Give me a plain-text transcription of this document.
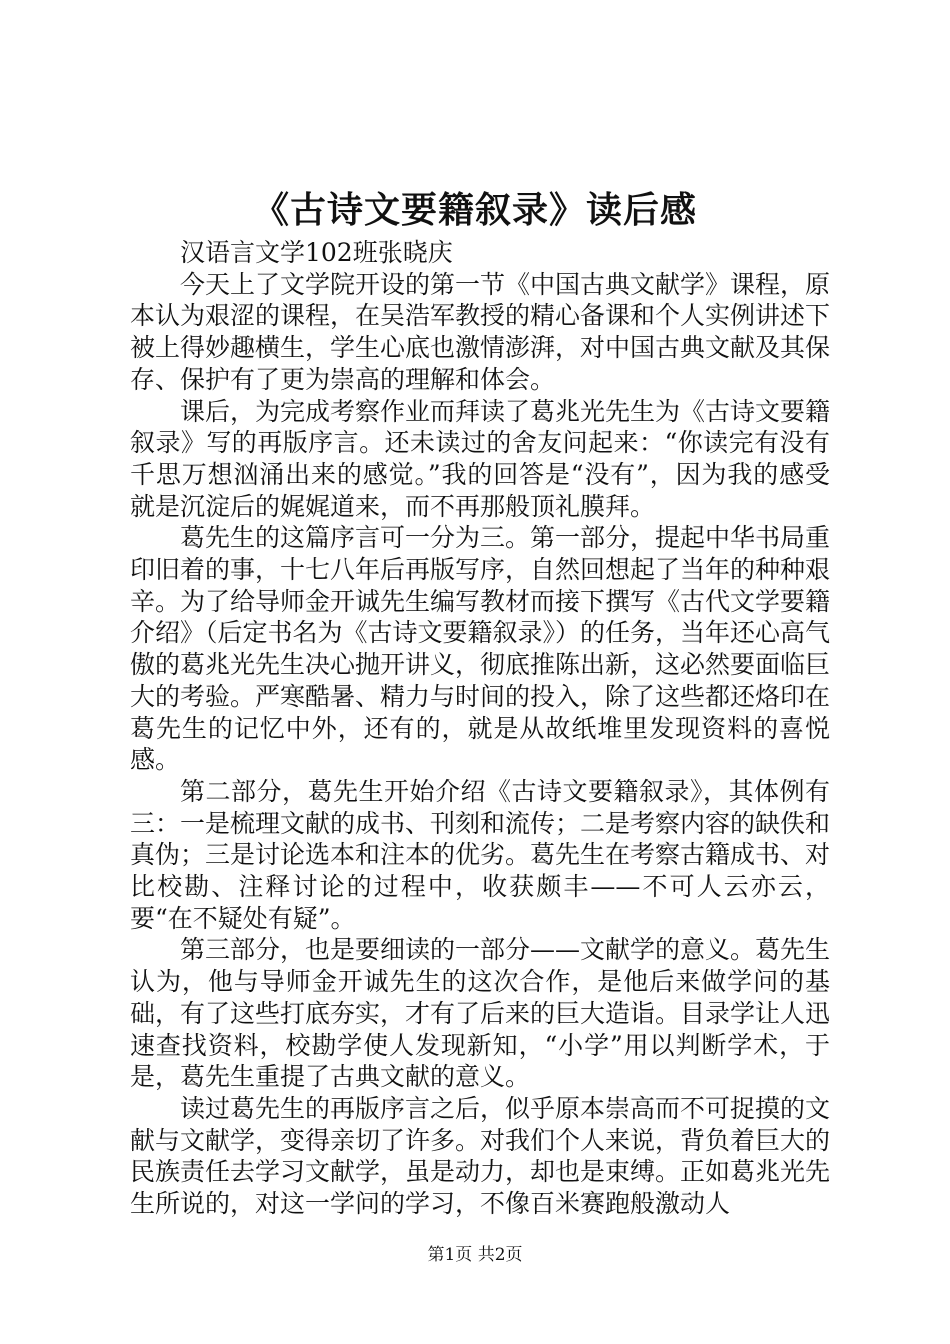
《古诗文要籍叙录》读后感

汉语言文学102班张晓庆

今天上了文学院开设的第一节《中国古典文献学》课程，原本认为艰涩的课程，在吴浩军教授的精心备课和个人实例讲述下被上得妙趣横生，学生心底也激情澎湃，对中国古典文献及其保存、保护有了更为崇高的理解和体会。

课后，为完成考察作业而拜读了葛兆光先生为《古诗文要籍叙录》写的再版序言。还未读过的舍友问起来：“你读完有没有千思万想汹涌出来的感觉。”我的回答是“没有”，因为我的感受就是沉淀后的娓娓道来，而不再那般顶礼膜拜。

葛先生的这篇序言可一分为三。第一部分，提起中华书局重印旧着的事，十七八年后再版写序，自然回想起了当年的种种艰辛。为了给导师金开诚先生编写教材而接下撰写《古代文学要籍介绍》（后定书名为《古诗文要籍叙录》）的任务，当年还心高气傲的葛兆光先生决心抛开讲义，彻底推陈出新，这必然要面临巨大的考验。严寒酷暑、精力与时间的投入，除了这些都还烙印在葛先生的记忆中外，还有的，就是从故纸堆里发现资料的喜悦感。

第二部分，葛先生开始介绍《古诗文要籍叙录》，其体例有三：一是梳理文献的成书、刊刻和流传；二是考察内容的缺佚和真伪；三是讨论选本和注本的优劣。葛先生在考察古籍成书、对比校勘、注释讨论的过程中，收获颇丰——不可人云亦云，要“在不疑处有疑”。

第三部分，也是要细读的一部分——文献学的意义。葛先生认为，他与导师金开诚先生的这次合作，是他后来做学问的基础，有了这些打底夯实，才有了后来的巨大造诣。目录学让人迅速查找资料，校勘学使人发现新知，“小学”用以判断学术，于是，葛先生重提了古典文献的意义。

读过葛先生的再版序言之后，似乎原本崇高而不可捉摸的文献与文献学，变得亲切了许多。对我们个人来说，背负着巨大的民族责任去学习文献学，虽是动力，却也是束缚。正如葛兆光先生所说的，对这一学问的学习，不像百米赛跑般激动人

第1页 共2页
